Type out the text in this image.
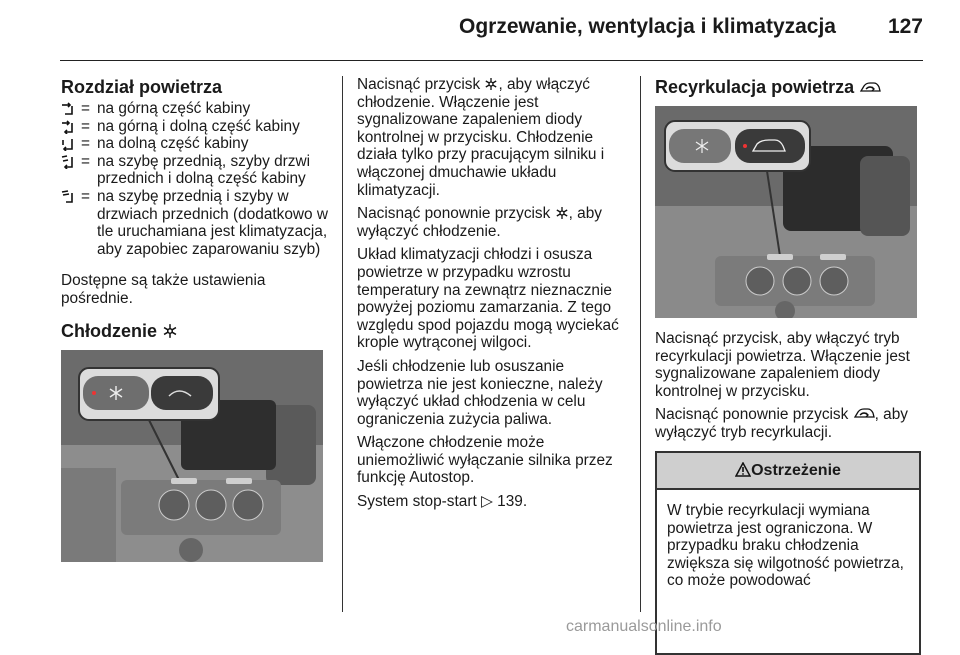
Ogrzewanie, wentylacja i klimatyzacja 127
Rozdział powietrza
= na górną część kabiny
= na górną i dolną część kabiny
= na dolną część kabiny
= na szybę przednią, szyby drzwi przednich i dolną część kabiny
= na szybę przednią i szyby w drzwiach przednich (dodatkowo w tle uruchamiana jest klimatyzacja, aby zapobiec zaparowaniu szyb)

Dostępne są także ustawienia pośrednie.

Chłodzenie

Nacisnąć przycisk , aby włączyć chłodzenie. Włączenie jest sygnalizowane zapaleniem diody kontrolnej w przycisku. Chłodzenie działa tylko przy pracującym silniku i włączonej dmuchawie układu klimatyzacji.

Nacisnąć ponownie przycisk , aby wyłączyć chłodzenie.

Układ klimatyzacji chłodzi i osusza powietrze w przypadku wzrostu temperatury na zewnątrz nieznacznie powyżej poziomu zamarzania. Z tego względu spod pojazdu mogą wyciekać krople wytrąconej wilgoci.

Jeśli chłodzenie lub osuszanie powietrza nie jest konieczne, należy wyłączyć układ chłodzenia w celu ograniczenia zużycia paliwa.

Włączone chłodzenie może uniemożliwić wyłączanie silnika przez funkcję Autostop.

System stop-start ▷ 139.

Recyrkulacja powietrza

Nacisnąć przycisk, aby włączyć tryb recyrkulacji powietrza. Włączenie jest sygnalizowane zapaleniem diody kontrolnej w przycisku.

Nacisnąć ponownie przycisk , aby wyłączyć tryb recyrkulacji.

Ostrzeżenie
W trybie recyrkulacji wymiana powietrza jest ograniczona. W przypadku braku chłodzenia zwiększa się wilgotność powietrza, co może powodować
carmanualsonline.info
